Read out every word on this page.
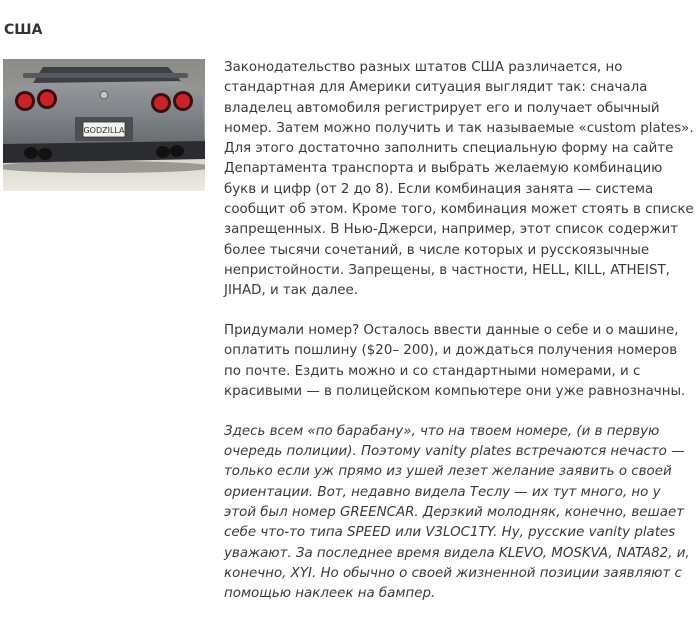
США
GODZILLA

Законодательство разных штатов США различается, но стандартная для Америки ситуация выглядит так: сначала владелец автомобиля регистрирует его и получает обычный номер. Затем можно получить и так называемые «custom plates». Для этого достаточно заполнить специальную форму на сайте Департамента транспорта и выбрать желаемую комбинацию букв и цифр (от 2 до 8). Если комбинация занята — система сообщит об этом. Кроме того, комбинация может стоять в списке запрещенных. В Нью-Джерси, например, этот список содержит более тысячи сочетаний, в числе которых и русскоязычные непристойности. Запрещены, в частности, HELL, KILL, ATHEIST, JIHAD, и так далее.

Придумали номер? Осталось ввести данные о себе и о машине, оплатить пошлину ($20– 200), и дождаться получения номеров по почте. Ездить можно и со стандартными номерами, и с красивыми — в полицейском компьютере они уже равнозначны.

Здесь всем «по барабану», что на твоем номере, (и в первую очередь полиции). Поэтому vanity plates встречаются нечасто — только если уж прямо из ушей лезет желание заявить о своей ориентации. Вот, недавно видела Теслу — их тут много, но у этой был номер GREENCAR. Дерзкий молодняк, конечно, вешает себе что-то типа SPEED или V3LOC1TY. Ну, русские vanity plates уважают. За последнее время видела KLEVO, MOSKVA, NATA82, и, конечно, XYI. Но обычно о своей жизненной позиции заявляют с помощью наклеек на бампер.
